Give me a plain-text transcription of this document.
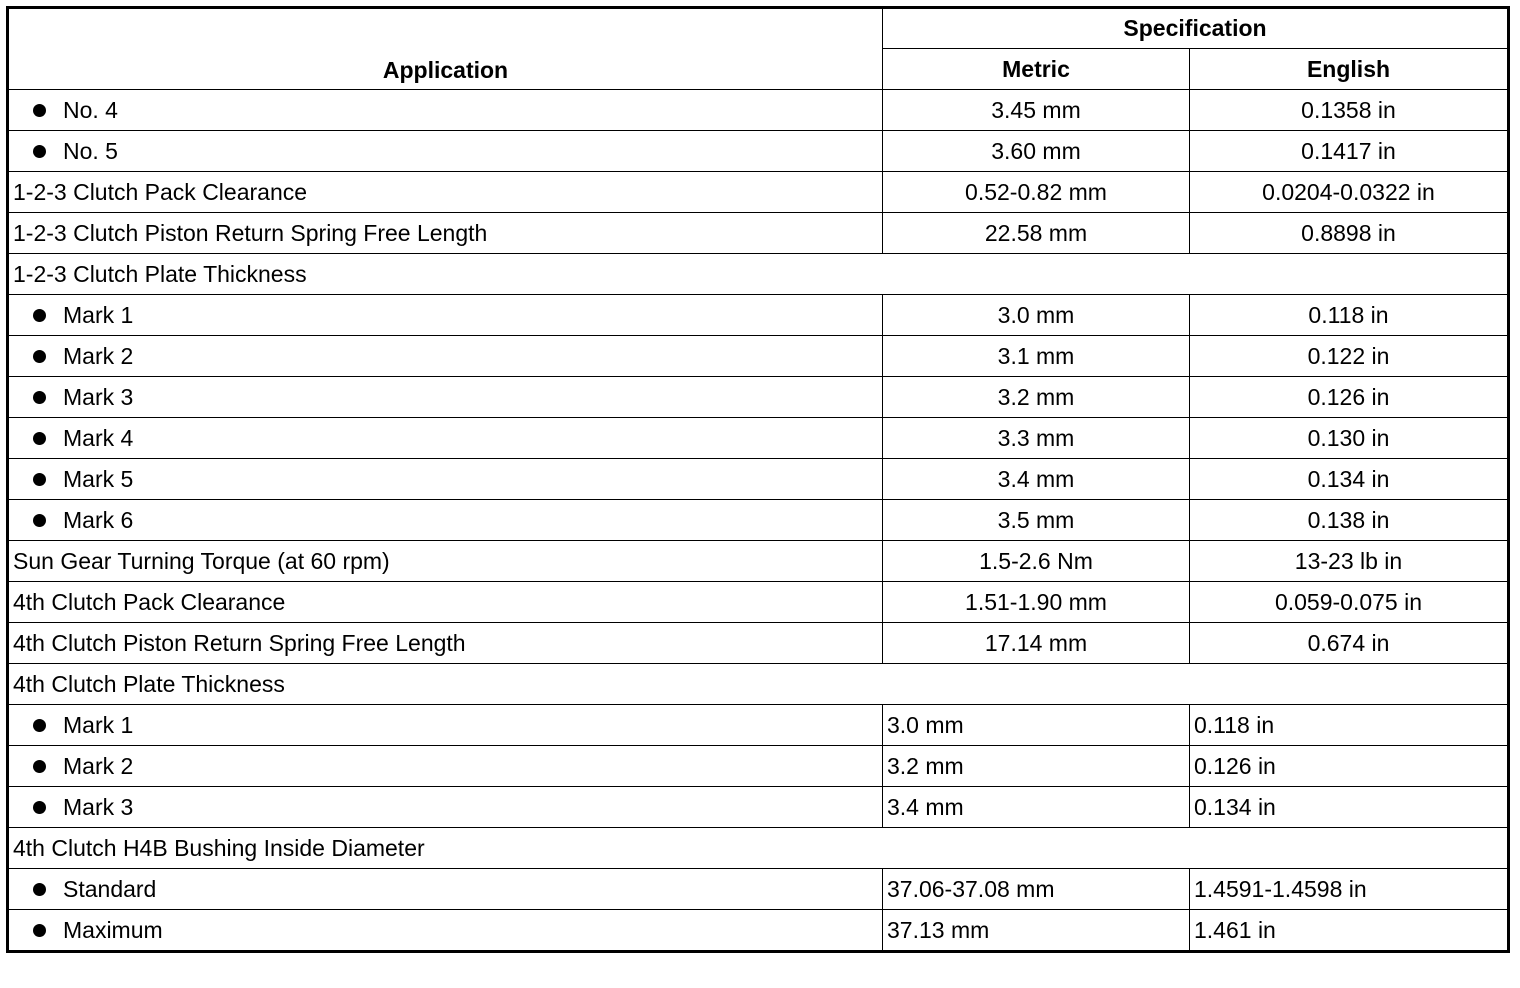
Application	Specification	
	Metric	English
No. 4	3.45 mm	0.1358 in
No. 5	3.60 mm	0.1417 in
1-2-3 Clutch Pack Clearance	0.52-0.82 mm	0.0204-0.0322 in
1-2-3 Clutch Piston Return Spring Free Length	22.58 mm	0.8898 in
1-2-3 Clutch Plate Thickness		
Mark 1	3.0 mm	0.118 in
Mark 2	3.1 mm	0.122 in
Mark 3	3.2 mm	0.126 in
Mark 4	3.3 mm	0.130 in
Mark 5	3.4 mm	0.134 in
Mark 6	3.5 mm	0.138 in
Sun Gear Turning Torque (at 60 rpm)	1.5-2.6 Nm	13-23 lb in
4th Clutch Pack Clearance	1.51-1.90 mm	0.059-0.075 in
4th Clutch Piston Return Spring Free Length	17.14 mm	0.674 in
4th Clutch Plate Thickness		
Mark 1	3.0 mm	0.118 in
Mark 2	3.2 mm	0.126 in
Mark 3	3.4 mm	0.134 in
4th Clutch H4B Bushing Inside Diameter		
Standard	37.06-37.08 mm	1.4591-1.4598 in
Maximum	37.13 mm	1.461 in
